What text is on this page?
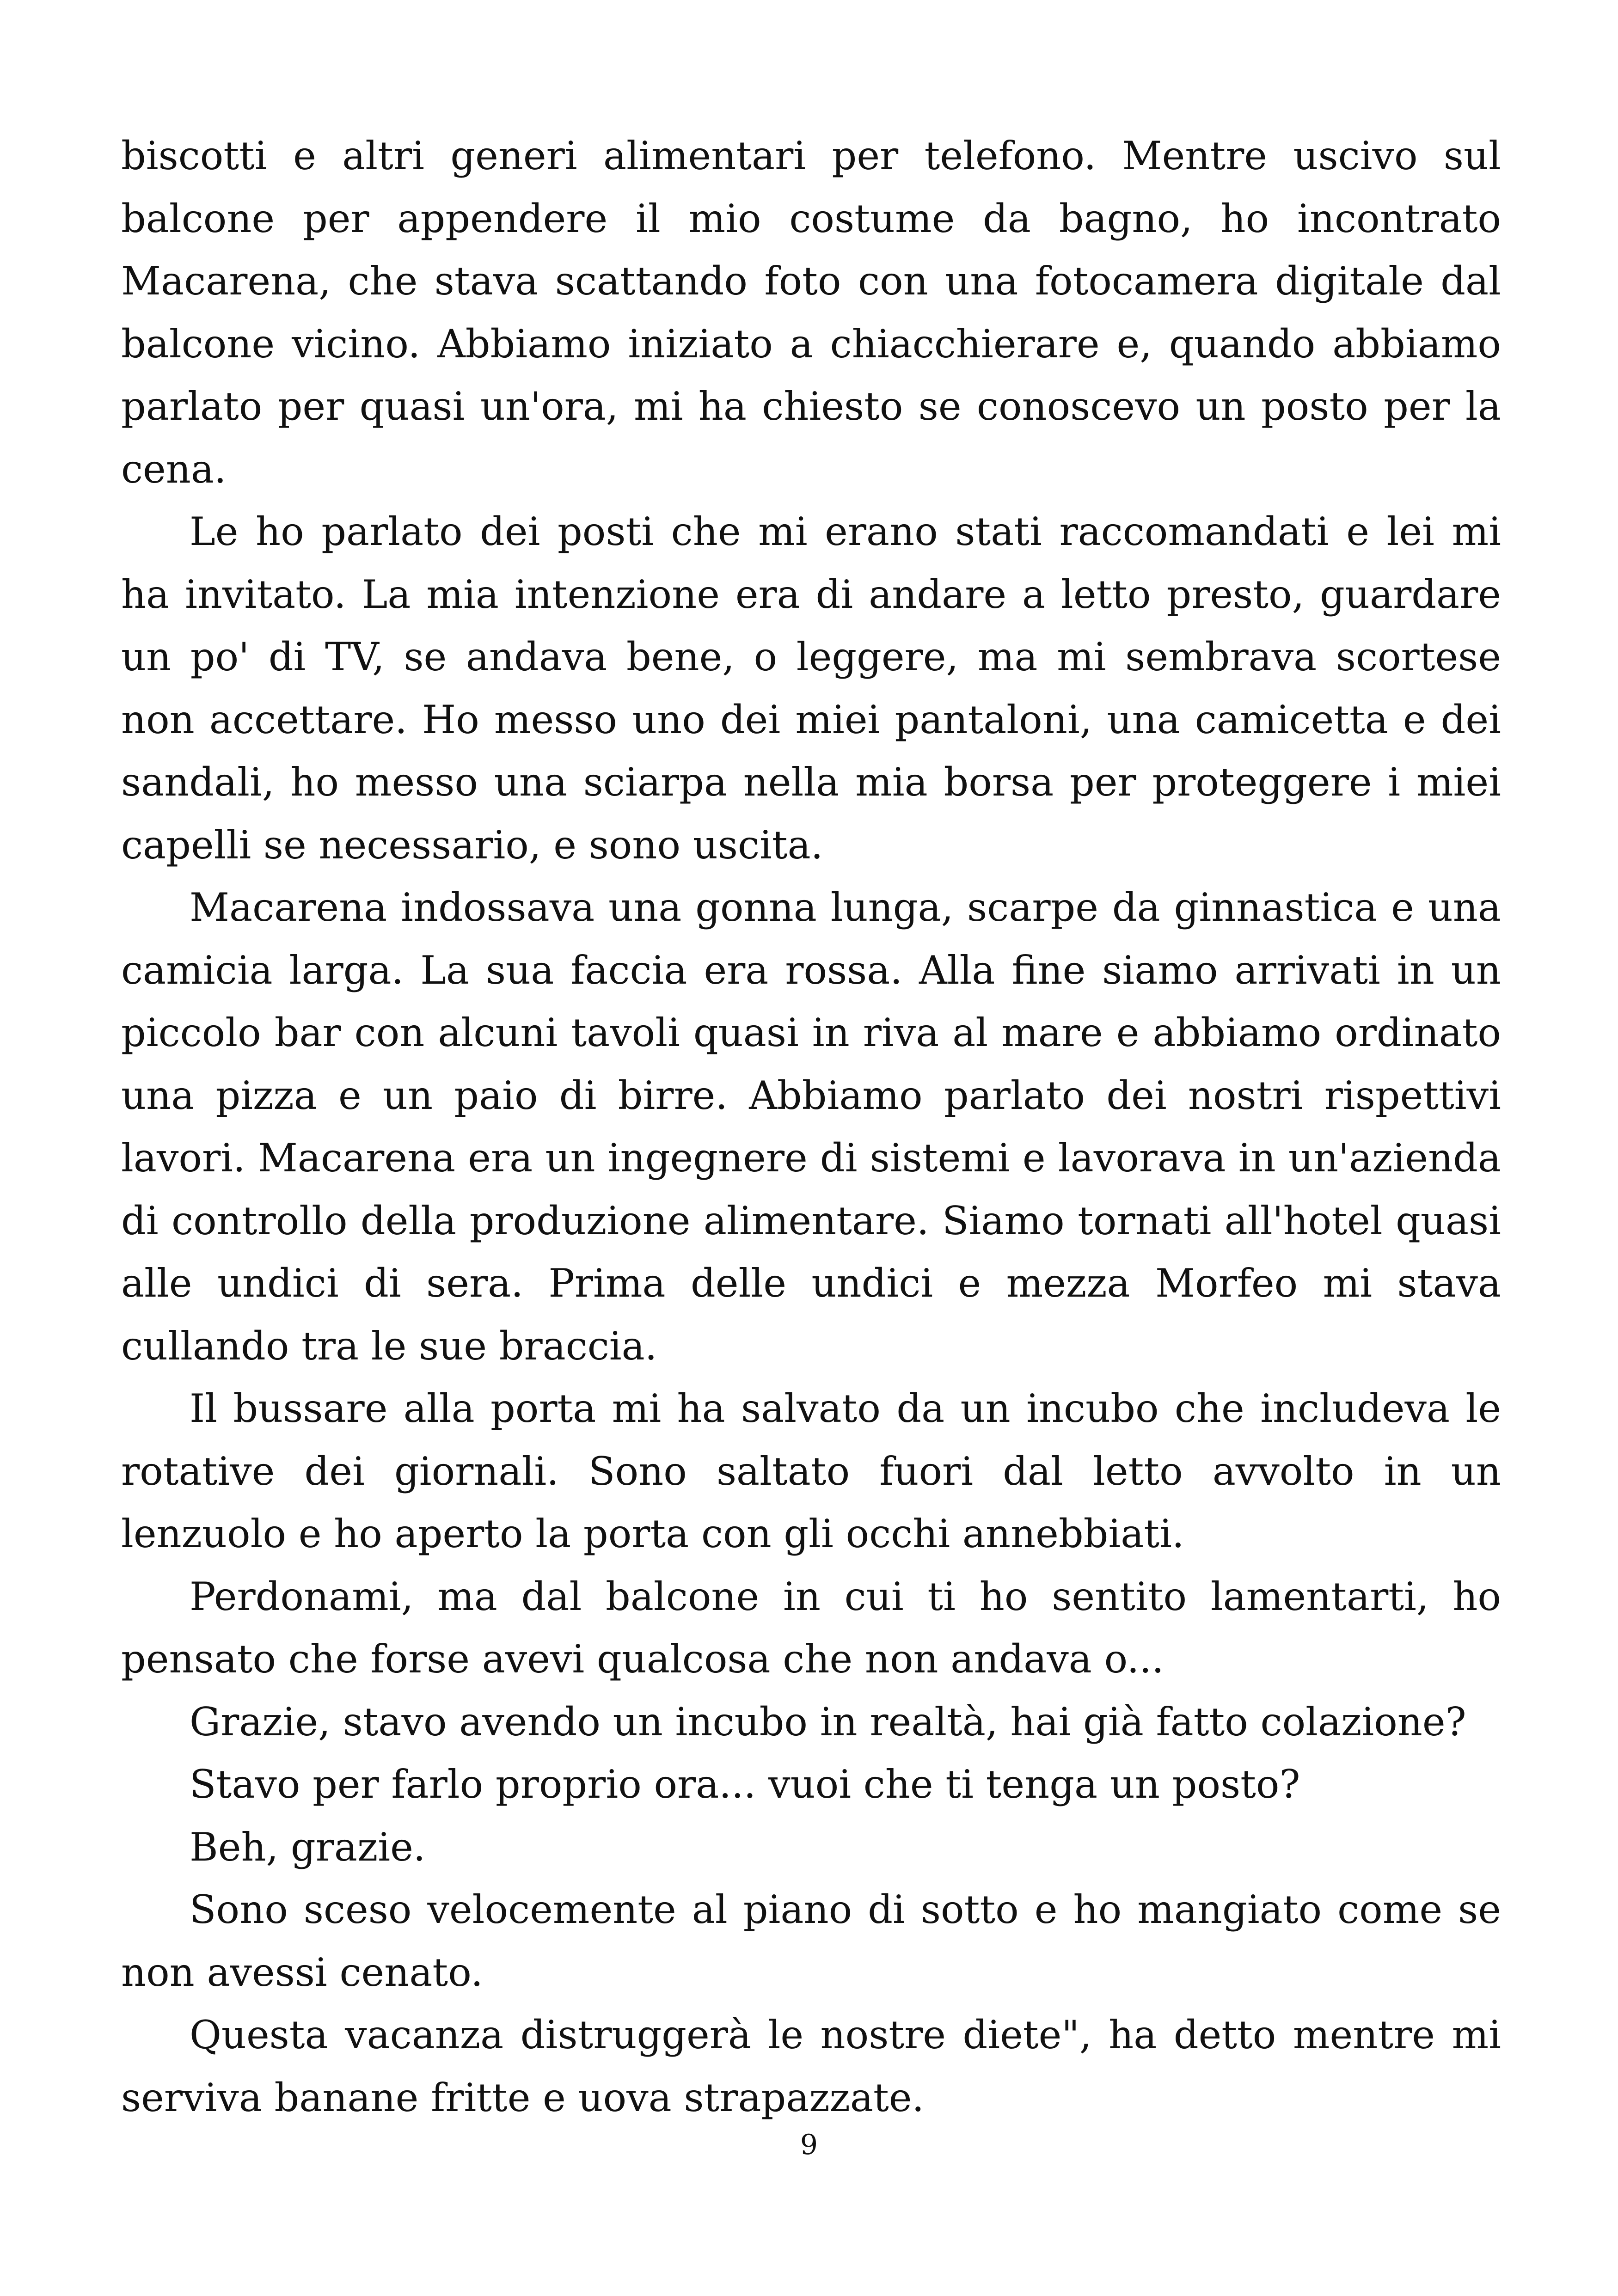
biscotti e altri generi alimentari per telefono. Mentre uscivo sul balcone per appendere il mio costume da bagno, ho incontrato Macarena, che stava scattando foto con una fotocamera digitale dal balcone vicino. Abbiamo iniziato a chiacchierare e, quando abbiamo parlato per quasi un'ora, mi ha chiesto se conoscevo un posto per la cena.

Le ho parlato dei posti che mi erano stati raccomandati e lei mi ha invitato. La mia intenzione era di andare a letto presto, guardare un po' di TV, se andava bene, o leggere, ma mi sembrava scortese non accettare. Ho messo uno dei miei pantaloni, una camicetta e dei sandali, ho messo una sciarpa nella mia borsa per proteggere i miei capelli se necessario, e sono uscita.

Macarena indossava una gonna lunga, scarpe da ginnastica e una camicia larga. La sua faccia era rossa. Alla fine siamo arrivati in un piccolo bar con alcuni tavoli quasi in riva al mare e abbiamo ordinato una pizza e un paio di birre. Abbiamo parlato dei nostri rispettivi lavori. Macarena era un ingegnere di sistemi e lavorava in un'azienda di controllo della produzione alimentare. Siamo tornati all'hotel quasi alle undici di sera. Prima delle undici e mezza Morfeo mi stava cullando tra le sue braccia.

Il bussare alla porta mi ha salvato da un incubo che includeva le rotative dei giornali. Sono saltato fuori dal letto avvolto in un lenzuolo e ho aperto la porta con gli occhi annebbiati.

Perdonami, ma dal balcone in cui ti ho sentito lamentarti, ho pensato che forse avevi qualcosa che non andava o...

Grazie, stavo avendo un incubo in realtà, hai già fatto colazione?

Stavo per farlo proprio ora... vuoi che ti tenga un posto?

Beh, grazie.

Sono sceso velocemente al piano di sotto e ho mangiato come se non avessi cenato.

Questa vacanza distruggerà le nostre diete", ha detto mentre mi serviva banane fritte e uova strapazzate.

9
